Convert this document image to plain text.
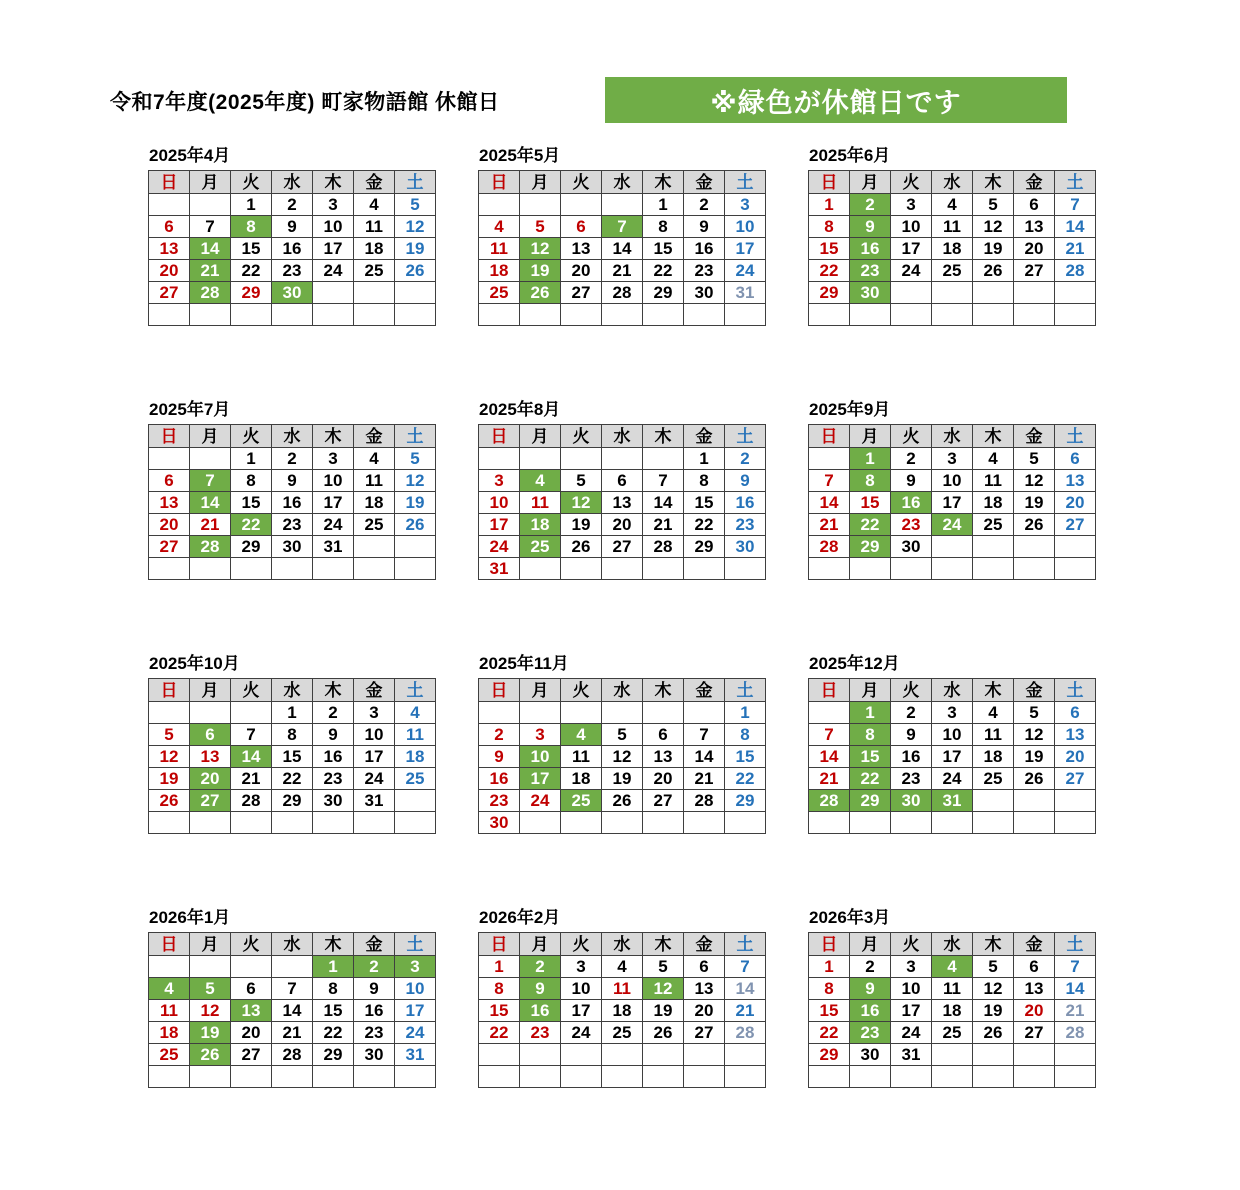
令和7年度(2025年度) 町家物語館 休館日	※緑色が休館日です
2025年4月
日	月	火	水	木	金	土
		1	2	3	4	5
6	7	8	9	10	11	12
13	14	15	16	17	18	19
20	21	22	23	24	25	26
27	28	29	30			

2025年5月
日	月	火	水	木	金	土
				1	2	3
4	5	6	7	8	9	10
11	12	13	14	15	16	17
18	19	20	21	22	23	24
25	26	27	28	29	30	31

2025年6月
日	月	火	水	木	金	土
1	2	3	4	5	6	7
8	9	10	11	12	13	14
15	16	17	18	19	20	21
22	23	24	25	26	27	28
29	30					

2025年7月
日	月	火	水	木	金	土
		1	2	3	4	5
6	7	8	9	10	11	12
13	14	15	16	17	18	19
20	21	22	23	24	25	26
27	28	29	30	31		

2025年8月
日	月	火	水	木	金	土
					1	2
3	4	5	6	7	8	9
10	11	12	13	14	15	16
17	18	19	20	21	22	23
24	25	26	27	28	29	30
31						
2025年9月
日	月	火	水	木	金	土
	1	2	3	4	5	6
7	8	9	10	11	12	13
14	15	16	17	18	19	20
21	22	23	24	25	26	27
28	29	30				

2025年10月
日	月	火	水	木	金	土
			1	2	3	4
5	6	7	8	9	10	11
12	13	14	15	16	17	18
19	20	21	22	23	24	25
26	27	28	29	30	31	

2025年11月
日	月	火	水	木	金	土
						1
2	3	4	5	6	7	8
9	10	11	12	13	14	15
16	17	18	19	20	21	22
23	24	25	26	27	28	29
30						
2025年12月
日	月	火	水	木	金	土
	1	2	3	4	5	6
7	8	9	10	11	12	13
14	15	16	17	18	19	20
21	22	23	24	25	26	27
28	29	30	31			

2026年1月
日	月	火	水	木	金	土
				1	2	3
4	5	6	7	8	9	10
11	12	13	14	15	16	17
18	19	20	21	22	23	24
25	26	27	28	29	30	31

2026年2月
日	月	火	水	木	金	土
1	2	3	4	5	6	7
8	9	10	11	12	13	14
15	16	17	18	19	20	21
22	23	24	25	26	27	28

2026年3月
日	月	火	水	木	金	土
1	2	3	4	5	6	7
8	9	10	11	12	13	14
15	16	17	18	19	20	21
22	23	24	25	26	27	28
29	30	31				
